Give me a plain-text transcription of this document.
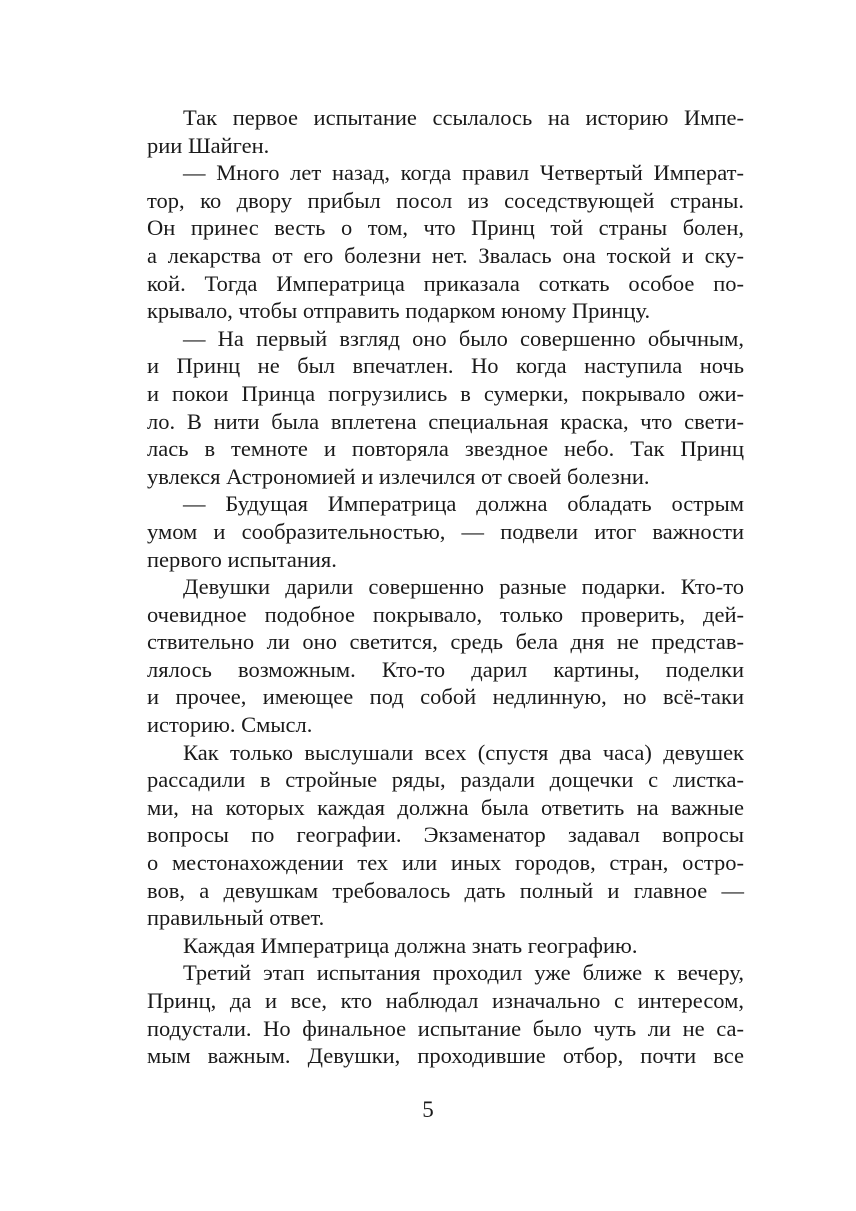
Так первое испытание ссылалось на историю Импе-
рии Шайген.
— Много лет назад, когда правил Четвертый Императ-
тор, ко двору прибыл посол из соседствующей страны.
Он принес весть о том, что Принц той страны болен,
а лекарства от его болезни нет. Звалась она тоской и ску-
кой. Тогда Императрица приказала соткать особое по-
крывало, чтобы отправить подарком юному Принцу.
— На первый взгляд оно было совершенно обычным,
и Принц не был впечатлен. Но когда наступила ночь
и покои Принца погрузились в сумерки, покрывало ожи-
ло. В нити была вплетена специальная краска, что свети-
лась в темноте и повторяла звездное небо. Так Принц
увлекся Астрономией и излечился от своей болезни.
— Будущая Императрица должна обладать острым
умом и сообразительностью, — подвели итог важности
первого испытания.
Девушки дарили совершенно разные подарки. Кто-то
очевидное подобное покрывало, только проверить, дей-
ствительно ли оно светится, средь бела дня не представ-
лялось возможным. Кто-то дарил картины, поделки
и прочее, имеющее под собой недлинную, но всё-таки
историю. Смысл.
Как только выслушали всех (спустя два часа) девушек
рассадили в стройные ряды, раздали дощечки с листка-
ми, на которых каждая должна была ответить на важные
вопросы по географии. Экзаменатор задавал вопросы
о местонахождении тех или иных городов, стран, остро-
вов, а девушкам требовалось дать полный и главное —
правильный ответ.
Каждая Императрица должна знать географию.
Третий этап испытания проходил уже ближе к вечеру,
Принц, да и все, кто наблюдал изначально с интересом,
подустали. Но финальное испытание было чуть ли не са-
мым важным. Девушки, проходившие отбор, почти все
5
